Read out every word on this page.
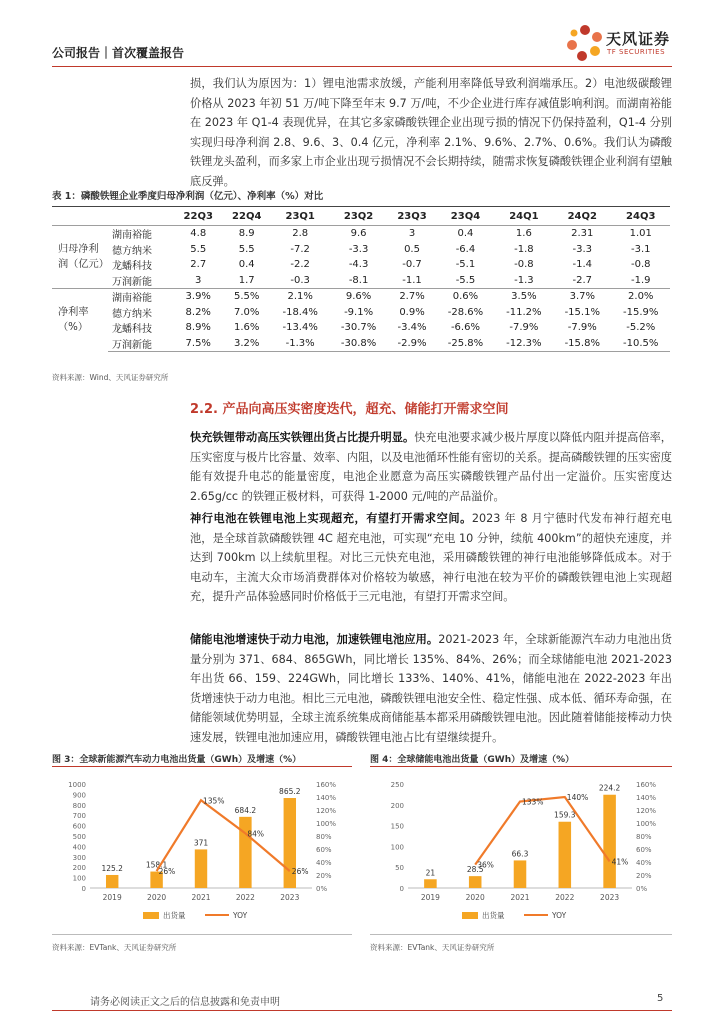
公司报告｜首次覆盖报告
天风证券
TF SECURITIES
损，我们认为原因为：1）锂电池需求放缓，产能利用率降低导致利润端承压。2）电池级碳酸锂价格从 2023 年初 51 万/吨下降至年末 9.7 万/吨，不少企业进行库存减值影响利润。而湖南裕能在 2023 年 Q1-4 表现优异，在其它多家磷酸铁锂企业出现亏损的情况下仍保持盈利，Q1-4 分别实现归母净利润 2.8、9.6、3、0.4 亿元，净利率 2.1%、9.6%、2.7%、0.6%。我们认为磷酸铁锂龙头盈利，而多家上市企业出现亏损情况不会长期持续，随需求恢复磷酸铁锂企业利润有望触底反弹。
表 1：磷酸铁锂企业季度归母净利润（亿元）、净利率（%）对比
		22Q3	22Q4	23Q1	23Q2	23Q3	23Q4	24Q1	24Q2	24Q3
归母净利润（亿元）	湖南裕能	4.8	8.9	2.8	9.6	3	0.4	1.6	2.31	1.01
	德方纳米	5.5	5.5	-7.2	-3.3	0.5	-6.4	-1.8	-3.3	-3.1
	龙蟠科技	2.7	0.4	-2.2	-4.3	-0.7	-5.1	-0.8	-1.4	-0.8
	万润新能	3	1.7	-0.3	-8.1	-1.1	-5.5	-1.3	-2.7	-1.9
净利率（%）	湖南裕能	3.9%	5.5%	2.1%	9.6%	2.7%	0.6%	3.5%	3.7%	2.0%
	德方纳米	8.2%	7.0%	-18.4%	-9.1%	0.9%	-28.6%	-11.2%	-15.1%	-15.9%
	龙蟠科技	8.9%	1.6%	-13.4%	-30.7%	-3.4%	-6.6%	-7.9%	-7.9%	-5.2%
	万润新能	7.5%	3.2%	-1.3%	-30.8%	-2.9%	-25.8%	-12.3%	-15.8%	-10.5%
资料来源：Wind、天风证券研究所
2.2. 产品向高压实密度迭代，超充、储能打开需求空间
快充铁锂带动高压实铁锂出货占比提升明显。快充电池要求减少极片厚度以降低内阻并提高倍率，压实密度与极片比容量、效率、内阻，以及电池循环性能有密切的关系。提高磷酸铁锂的压实密度能有效提升电芯的能量密度，电池企业愿意为高压实磷酸铁锂产品付出一定溢价。压实密度达 2.65g/cc 的铁锂正极材料，可获得 1-2000 元/吨的产品溢价。
神行电池在铁锂电池上实现超充，有望打开需求空间。2023 年 8 月宁德时代发布神行超充电池，是全球首款磷酸铁锂 4C 超充电池，可实现“充电 10 分钟，续航 400km”的超快充速度，并达到 700km 以上续航里程。对比三元快充电池，采用磷酸铁锂的神行电池能够降低成本。对于电动车，主流大众市场消费群体对价格较为敏感，神行电池在较为平价的磷酸铁锂电池上实现超充，提升产品体验感同时价格低于三元电池，有望打开需求空间。
储能电池增速快于动力电池，加速铁锂电池应用。2021-2023 年，全球新能源汽车动力电池出货量分别为 371、684、865GWh，同比增长 135%、84%、26%；而全球储能电池 2021-2023 年出货 66、159、224GWh，同比增长 133%、140%、41%，储能电池在 2022-2023 年出货增速快于动力电池。相比三元电池，磷酸铁锂电池安全性、稳定性强、成本低、循环寿命强，在储能领域优势明显，全球主流系统集成商储能基本都采用磷酸铁锂电池。因此随着储能接棒动力快速发展，铁锂电池加速应用，磷酸铁锂电池占比有望继续提升。
图 3：全球新能源汽车动力电池出货量（GWh）及增速（%）
0
100
200
300
400
500
600
700
800
900
1000
0%
20%
40%
60%
80%
100%
120%
140%
160%
125.2
2019
158.1
2020
371
2021
684.2
2022
865.2
2023
26%
135%
84%
26%
出货量	YOY
资料来源：EVTank、天风证券研究所
图 4：全球储能电池出货量（GWh）及增速（%）
0
50
100
150
200
250
0%
20%
40%
60%
80%
100%
120%
140%
160%
21
2019
28.5
2020
66.3
2021
159.3
2022
224.2
2023
36%
133%
140%
41%
出货量	YOY
资料来源：EVTank、天风证券研究所
请务必阅读正文之后的信息披露和免责申明	5
